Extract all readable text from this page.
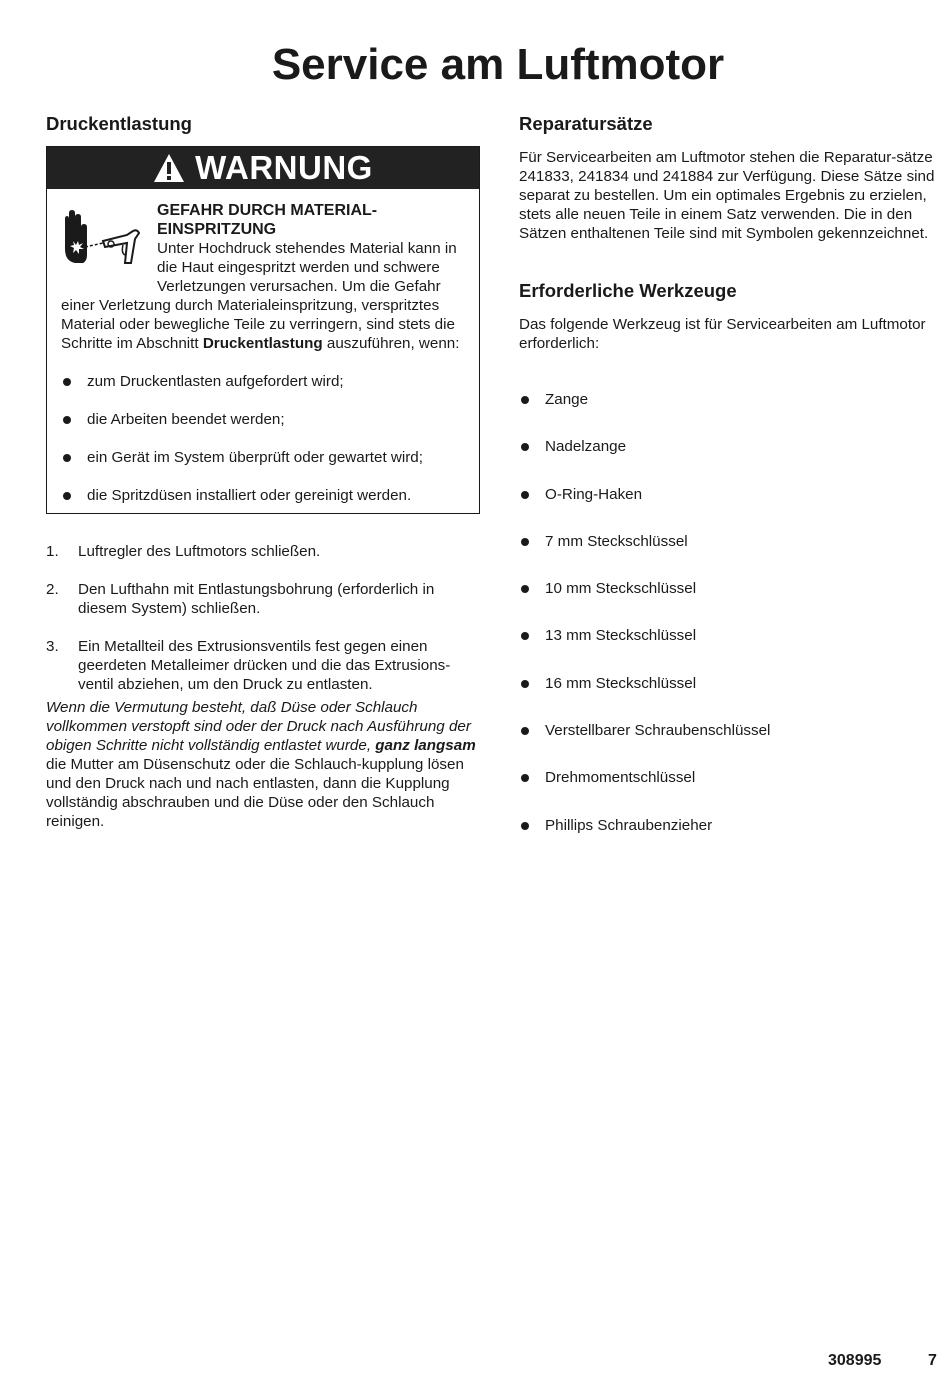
Service am Luftmotor
Druckentlastung
WARNUNG
GEFAHR DURCH MATERIAL-
EINSPRITZUNG

Unter Hochdruck stehendes Material kann in die Haut eingespritzt werden und schwere Verletzungen verursachen. Um die Gefahr

einer Verletzung durch Materialeinspritzung, verspritztes Material oder bewegliche Teile zu verringern, sind stets die Schritte im Abschnitt Druckentlastung auszuführen, wenn:

zum Druckentlasten aufgefordert wird;
die Arbeiten beendet werden;
ein Gerät im System überprüft oder gewartet wird;
die Spritzdüsen installiert oder gereinigt werden.
1. Luftregler des Luftmotors schließen.
2. Den Lufthahn mit Entlastungsbohrung (erforderlich in diesem System) schließen.
3. Ein Metallteil des Extrusionsventils fest gegen einen geerdeten Metalleimer drücken und die das Extrusions-ventil abziehen, um den Druck zu entlasten.

Wenn die Vermutung besteht, daß Düse oder Schlauch vollkommen verstopft sind oder der Druck nach Ausführung der obigen Schritte nicht vollständig entlastet wurde, ganz langsam die Mutter am Düsenschutz oder die Schlauch-kupplung lösen und den Druck nach und nach entlasten, dann die Kupplung vollständig abschrauben und die Düse oder den Schlauch reinigen.

Reparatursätze

Für Servicearbeiten am Luftmotor stehen die Reparatur-sätze 241833, 241834 und 241884 zur Verfügung. Diese Sätze sind separat zu bestellen. Um ein optimales Ergebnis zu erzielen, stets alle neuen Teile in einem Satz verwenden. Die in den Sätzen enthaltenen Teile sind mit Symbolen gekennzeichnet.

Erforderliche Werkzeuge

Das folgende Werkzeug ist für Servicearbeiten am Luftmotor erforderlich:

Zange
Nadelzange
O-Ring-Haken
7 mm Steckschlüssel
10 mm Steckschlüssel
13 mm Steckschlüssel
16 mm Steckschlüssel
Verstellbarer Schraubenschlüssel
Drehmomentschlüssel
Phillips Schraubenzieher
308995	7
